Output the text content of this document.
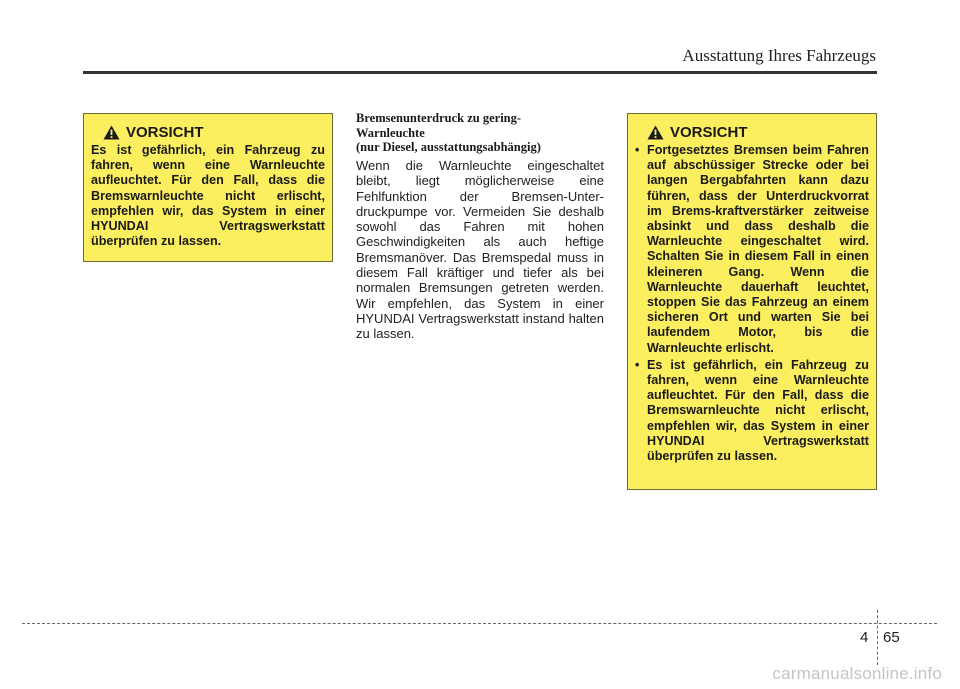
Ausstattung Ihres Fahrzeugs
VORSICHT
Es ist gefährlich, ein Fahrzeug zu fahren, wenn eine Warnleuchte aufleuchtet. Für den Fall, dass die Bremswarnleuchte nicht erlischt, empfehlen wir, das System in einer HYUNDAI Vertragswerkstatt überprüfen zu lassen.
Bremsenunterdruck zu gering-
Warnleuchte
(nur Diesel, ausstattungsabhängig)
Wenn die Warnleuchte eingeschaltet bleibt, liegt möglicherweise eine Fehlfunktion der Bremsen-Unter-druckpumpe vor. Vermeiden Sie deshalb sowohl das Fahren mit hohen Geschwindigkeiten als auch heftige Bremsmanöver. Das Bremspedal muss in diesem Fall kräftiger und tiefer als bei normalen Bremsungen getreten werden. Wir empfehlen, das System in einer HYUNDAI Vertragswerkstatt instand halten zu lassen.
VORSICHT
• Fortgesetztes Bremsen beim Fahren auf abschüssiger Strecke oder bei langen Bergabfahrten kann dazu führen, dass der Unterdruckvorrat im Brems-kraftverstärker zeitweise absinkt und dass deshalb die Warnleuchte eingeschaltet wird. Schalten Sie in diesem Fall in einen kleineren Gang. Wenn die Warnleuchte dauerhaft leuchtet, stoppen Sie das Fahrzeug an einem sicheren Ort und warten Sie bei laufendem Motor, bis die Warnleuchte erlischt.
• Es ist gefährlich, ein Fahrzeug zu fahren, wenn eine Warnleuchte aufleuchtet. Für den Fall, dass die Bremswarnleuchte nicht erlischt, empfehlen wir, das System in einer HYUNDAI Vertragswerkstatt überprüfen zu lassen.
4 65
carmanualsonline.info
